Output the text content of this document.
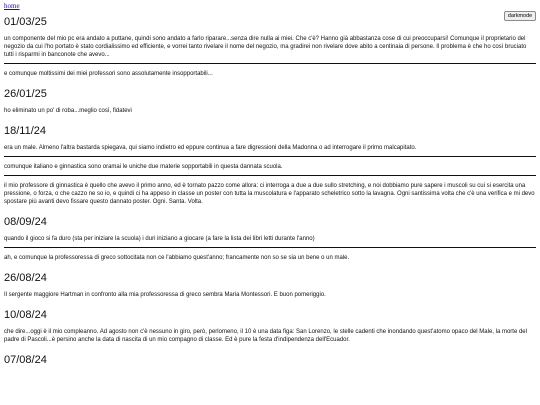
home
darkmode
01/03/25
un componente del mio pc era andato a puttane, quindi sono andato a farlo riparare...senza dire nulla ai miei. Che c'è? Hanno già abbastanza cose di cui preoccuparsi! Comunque il proprietario del negozio da cui l'ho portato è stato cordialissimo ed efficiente, e vorrei tanto rivelare il nome del negozio, ma gradirei non rivelare dove abito a centinaia di persone. Il problema è che ho così bruciato tutti i risparmi in banconote che avevo...
e comunque moltissimi dei miei professori sono assolutamente insopportabili...
26/01/25
ho eliminato un po' di roba...meglio così, fidatevi
18/11/24
era un male. Almeno l'altra bastarda spiegava, qui siamo indietro ed eppure continua a fare digressioni della Madonna o ad interrogare il primo malcapitato.
comunque italiano e ginnastica sono oramai le uniche due materie sopportabili in questa dannata scuola.
il mio professore di ginnastica è quello che avevo il primo anno, ed è tornato pazzo come allora: ci interroga a due a due sullo stretching, e noi dobbiamo pure sapere i muscoli su cui si esercita una pressione, o forza, o che cazzo ne so io, e quindi ci ha appeso in classe un poster con tutta la muscolatura e l'apparato scheletrico sotto la lavagna. Ogni santissima volta che c'è una verifica e mi devo spostare più avanti devo fissare questo dannato poster. Ogni. Santa. Volta.
08/09/24
quando il gioco si fa duro (sta per iniziare la scuola) i duri iniziano a giocare (a fare la lista dei libri letti durante l'anno)
ah, e comunque la professoressa di greco sottocitata non ce l'abbiamo quest'anno; francamente non so se sia un bene o un male.
26/08/24
Il sergente maggiore Hartman in confronto alla mia professoressa di greco sembra Maria Montessori. E buon pomeriggio.
10/08/24
che dire...oggi è il mio compleanno. Ad agosto non c'è nessuno in giro, però, perlomeno, il 10 è una data figa: San Lorenzo, le stelle cadenti che inondando quest'atomo opaco del Male, la morte del padre di Pascoli...è persino anche la data di nascita di un mio compagno di classe. Ed è pure la festa d'indipendenza dell'Ecuador.
07/08/24
